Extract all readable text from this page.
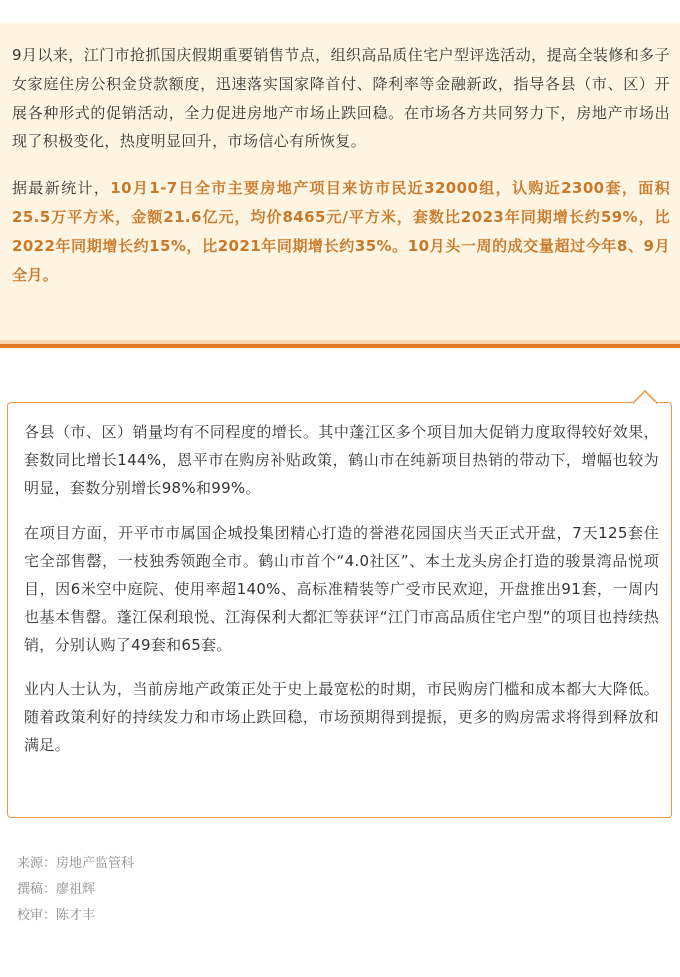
9月以来，江门市抢抓国庆假期重要销售节点，组织高品质住宅户型评选活动，提高全装修和多子女家庭住房公积金贷款额度，迅速落实国家降首付、降利率等金融新政，指导各县（市、区）开展各种形式的促销活动，全力促进房地产市场止跌回稳。在市场各方共同努力下，房地产市场出现了积极变化，热度明显回升，市场信心有所恢复。

据最新统计，10月1-7日全市主要房地产项目来访市民近32000组，认购近2300套，面积25.5万平方米，金额21.6亿元，均价8465元/平方米，套数比2023年同期增长约59%，比2022年同期增长约15%，比2021年同期增长约35%。10月头一周的成交量超过今年8、9月全月。

各县（市、区）销量均有不同程度的增长。其中蓬江区多个项目加大促销力度取得较好效果，套数同比增长144%，恩平市在购房补贴政策，鹤山市在纯新项目热销的带动下，增幅也较为明显，套数分别增长98%和99%。

在项目方面，开平市市属国企城投集团精心打造的誉港花园国庆当天正式开盘，7天125套住宅全部售罄，一枝独秀领跑全市。鹤山市首个“4.0社区”、本土龙头房企打造的骏景湾品悦项目，因6米空中庭院、使用率超140%、高标准精装等广受市民欢迎，开盘推出91套，一周内也基本售罄。蓬江保利琅悦、江海保利大都汇等获评“江门市高品质住宅户型”的项目也持续热销，分别认购了49套和65套。

业内人士认为，当前房地产政策正处于史上最宽松的时期，市民购房门槛和成本都大大降低。随着政策利好的持续发力和市场止跌回稳，市场预期得到提振，更多的购房需求将得到释放和满足。

来源：房地产监管科
撰稿：廖祖辉
校审：陈才丰
